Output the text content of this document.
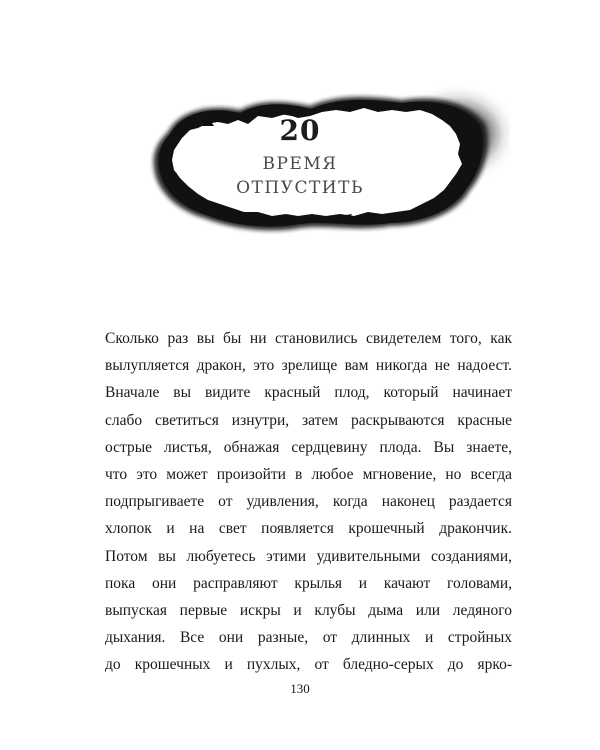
20
ВРЕМЯ
ОТПУСТИТЬ
Сколько раз вы бы ни становились свидетелем того, как
вылупляется дракон, это зрелище вам никогда не надоест.
Вначале вы видите красный плод, который начинает
слабо светиться изнутри, затем раскрываются красные
острые листья, обнажая сердцевину плода. Вы знаете,
что это может произойти в любое мгновение, но всегда
подпрыгиваете от удивления, когда наконец раздается
хлопок и на свет появляется крошечный дракончик.
Потом вы любуетесь этими удивительными созданиями,
пока они расправляют крылья и качают головами,
выпуская первые искры и клубы дыма или ледяного
дыхания. Все они разные, от длинных и стройных
до крошечных и пухлых, от бледно-серых до ярко-
130
